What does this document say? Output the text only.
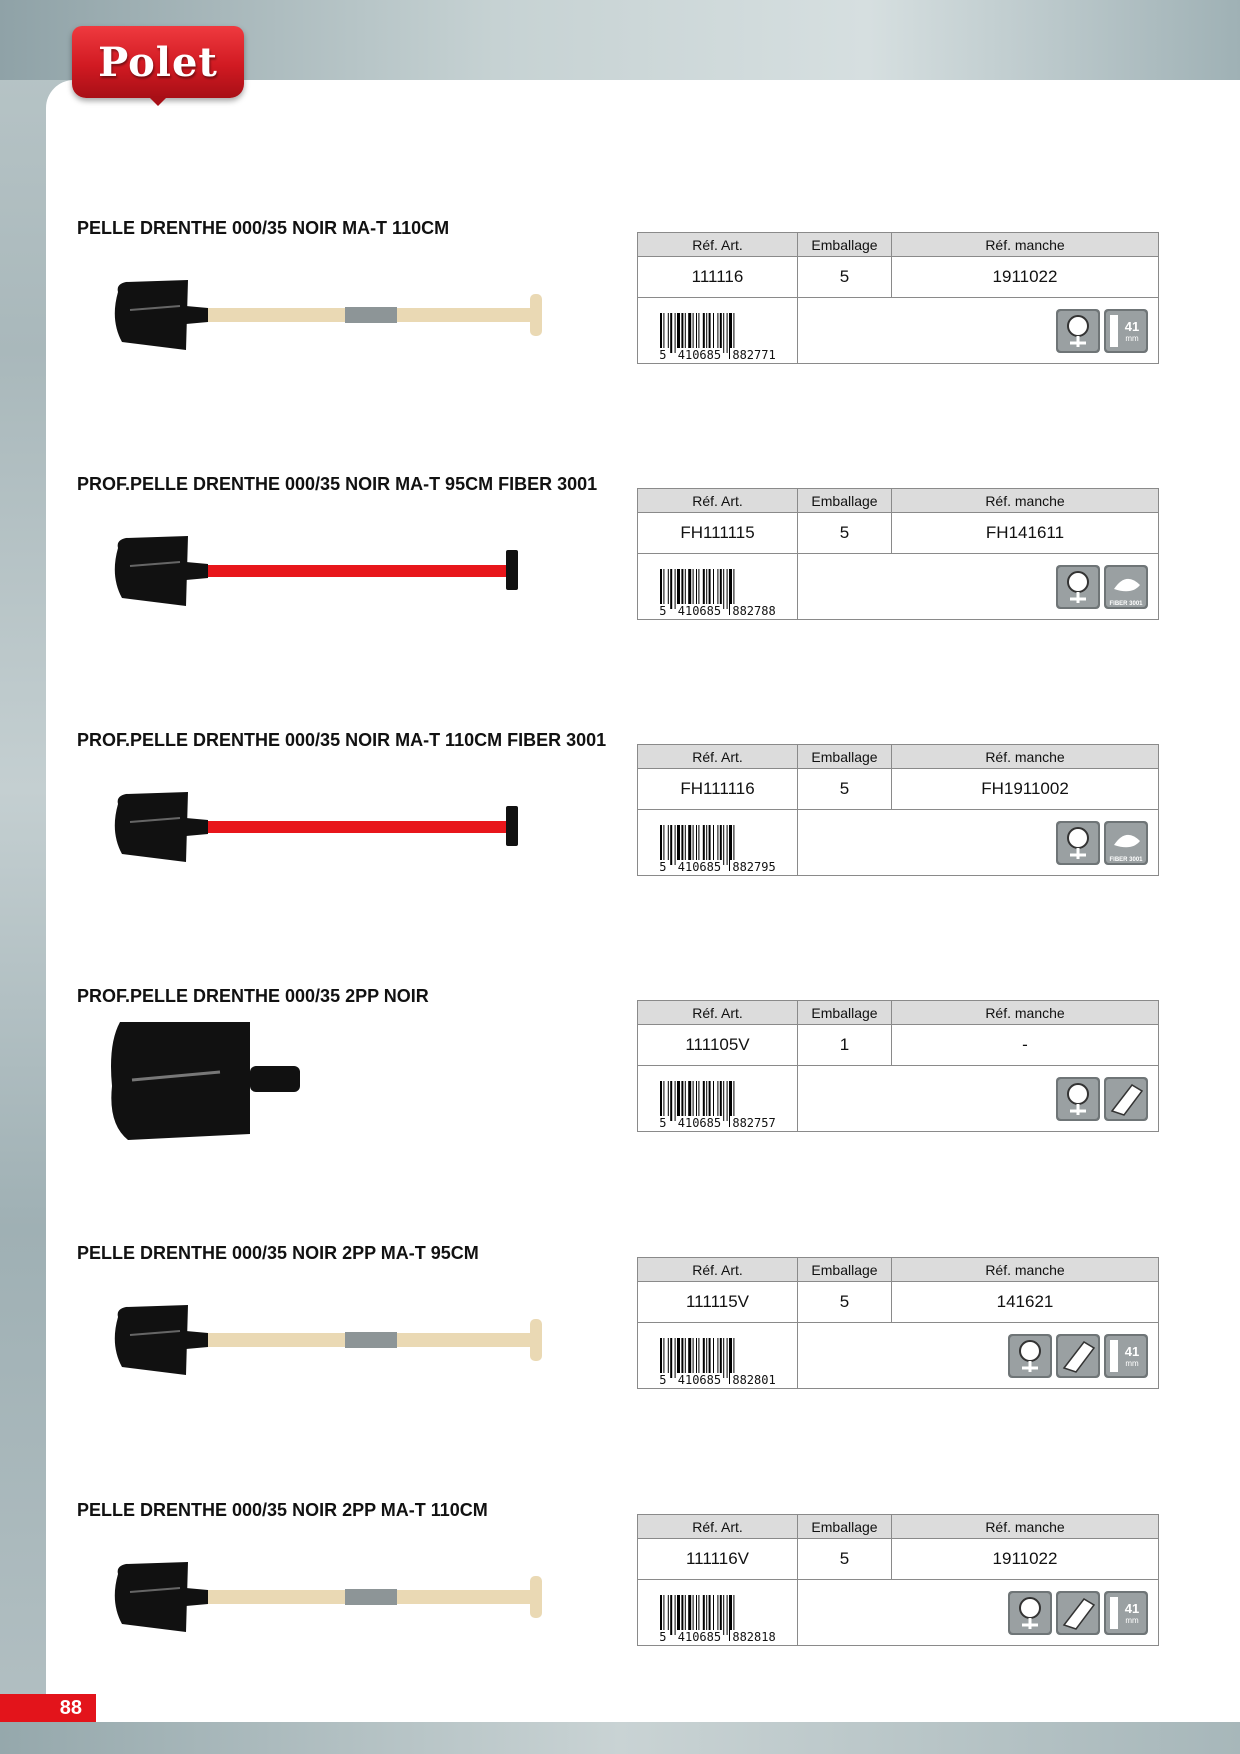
Polet
PELLE DRENTHE 000/35 NOIR MA-T 110CM
Réf. Art.	Emballage	Réf. manche
111116	5	1911022

5 410685 882771	41
mm	
PROF.PELLE DRENTHE 000/35 NOIR MA-T 95CM FIBER 3001
Réf. Art.	Emballage	Réf. manche
FH111115	5	FH141611

5 410685 882788	FIBER 3001	
PROF.PELLE DRENTHE 000/35 NOIR MA-T 110CM FIBER 3001
Réf. Art.	Emballage	Réf. manche
FH111116	5	FH1911002

5 410685 882795	FIBER 3001	
PROF.PELLE DRENTHE 000/35 2PP NOIR
Réf. Art.	Emballage	Réf. manche
111105V	1	-

5 410685 882757

PELLE DRENTHE 000/35 NOIR 2PP MA-T 95CM
Réf. Art.	Emballage	Réf. manche
111115V	5	141621

5 410685 882801	41
mm	
PELLE DRENTHE 000/35 NOIR 2PP MA-T 110CM
Réf. Art.	Emballage	Réf. manche
111116V	5	1911022

5 410685 882818	41
mm	
88
